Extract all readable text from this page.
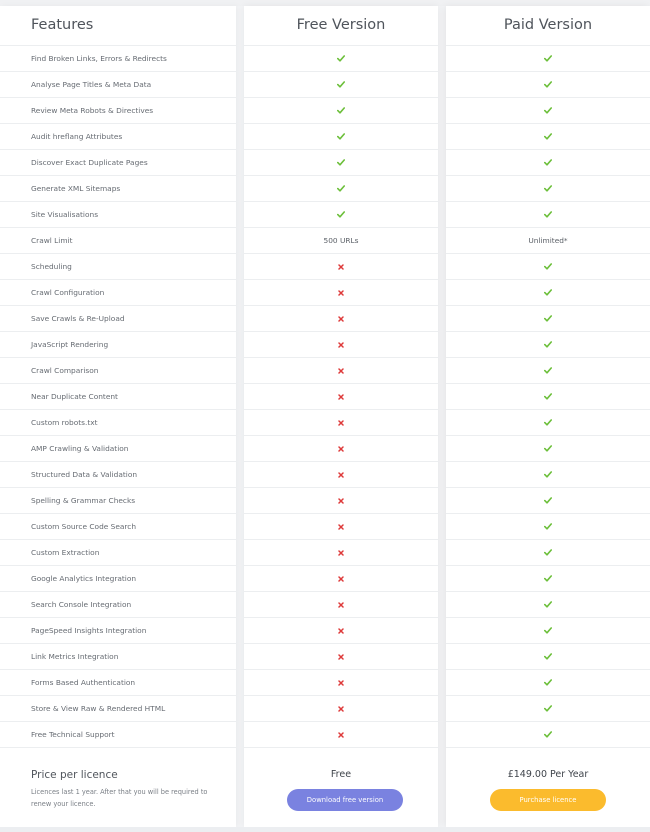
Features
Find Broken Links, Errors & Redirects
Analyse Page Titles & Meta Data
Review Meta Robots & Directives
Audit hreflang Attributes
Discover Exact Duplicate Pages
Generate XML Sitemaps
Site Visualisations
Crawl Limit
Scheduling
Crawl Configuration
Save Crawls & Re-Upload
JavaScript Rendering
Crawl Comparison
Near Duplicate Content
Custom robots.txt
AMP Crawling & Validation
Structured Data & Validation
Spelling & Grammar Checks
Custom Source Code Search
Custom Extraction
Google Analytics Integration
Search Console Integration
PageSpeed Insights Integration
Link Metrics Integration
Forms Based Authentication
Store & View Raw & Rendered HTML
Free Technical Support
Price per licence
Licences last 1 year. After that you will be required to renew your licence.
Free Version
500 URLs
Free
Download free version
Paid Version
Unlimited*
£149.00 Per Year
Purchase licence
